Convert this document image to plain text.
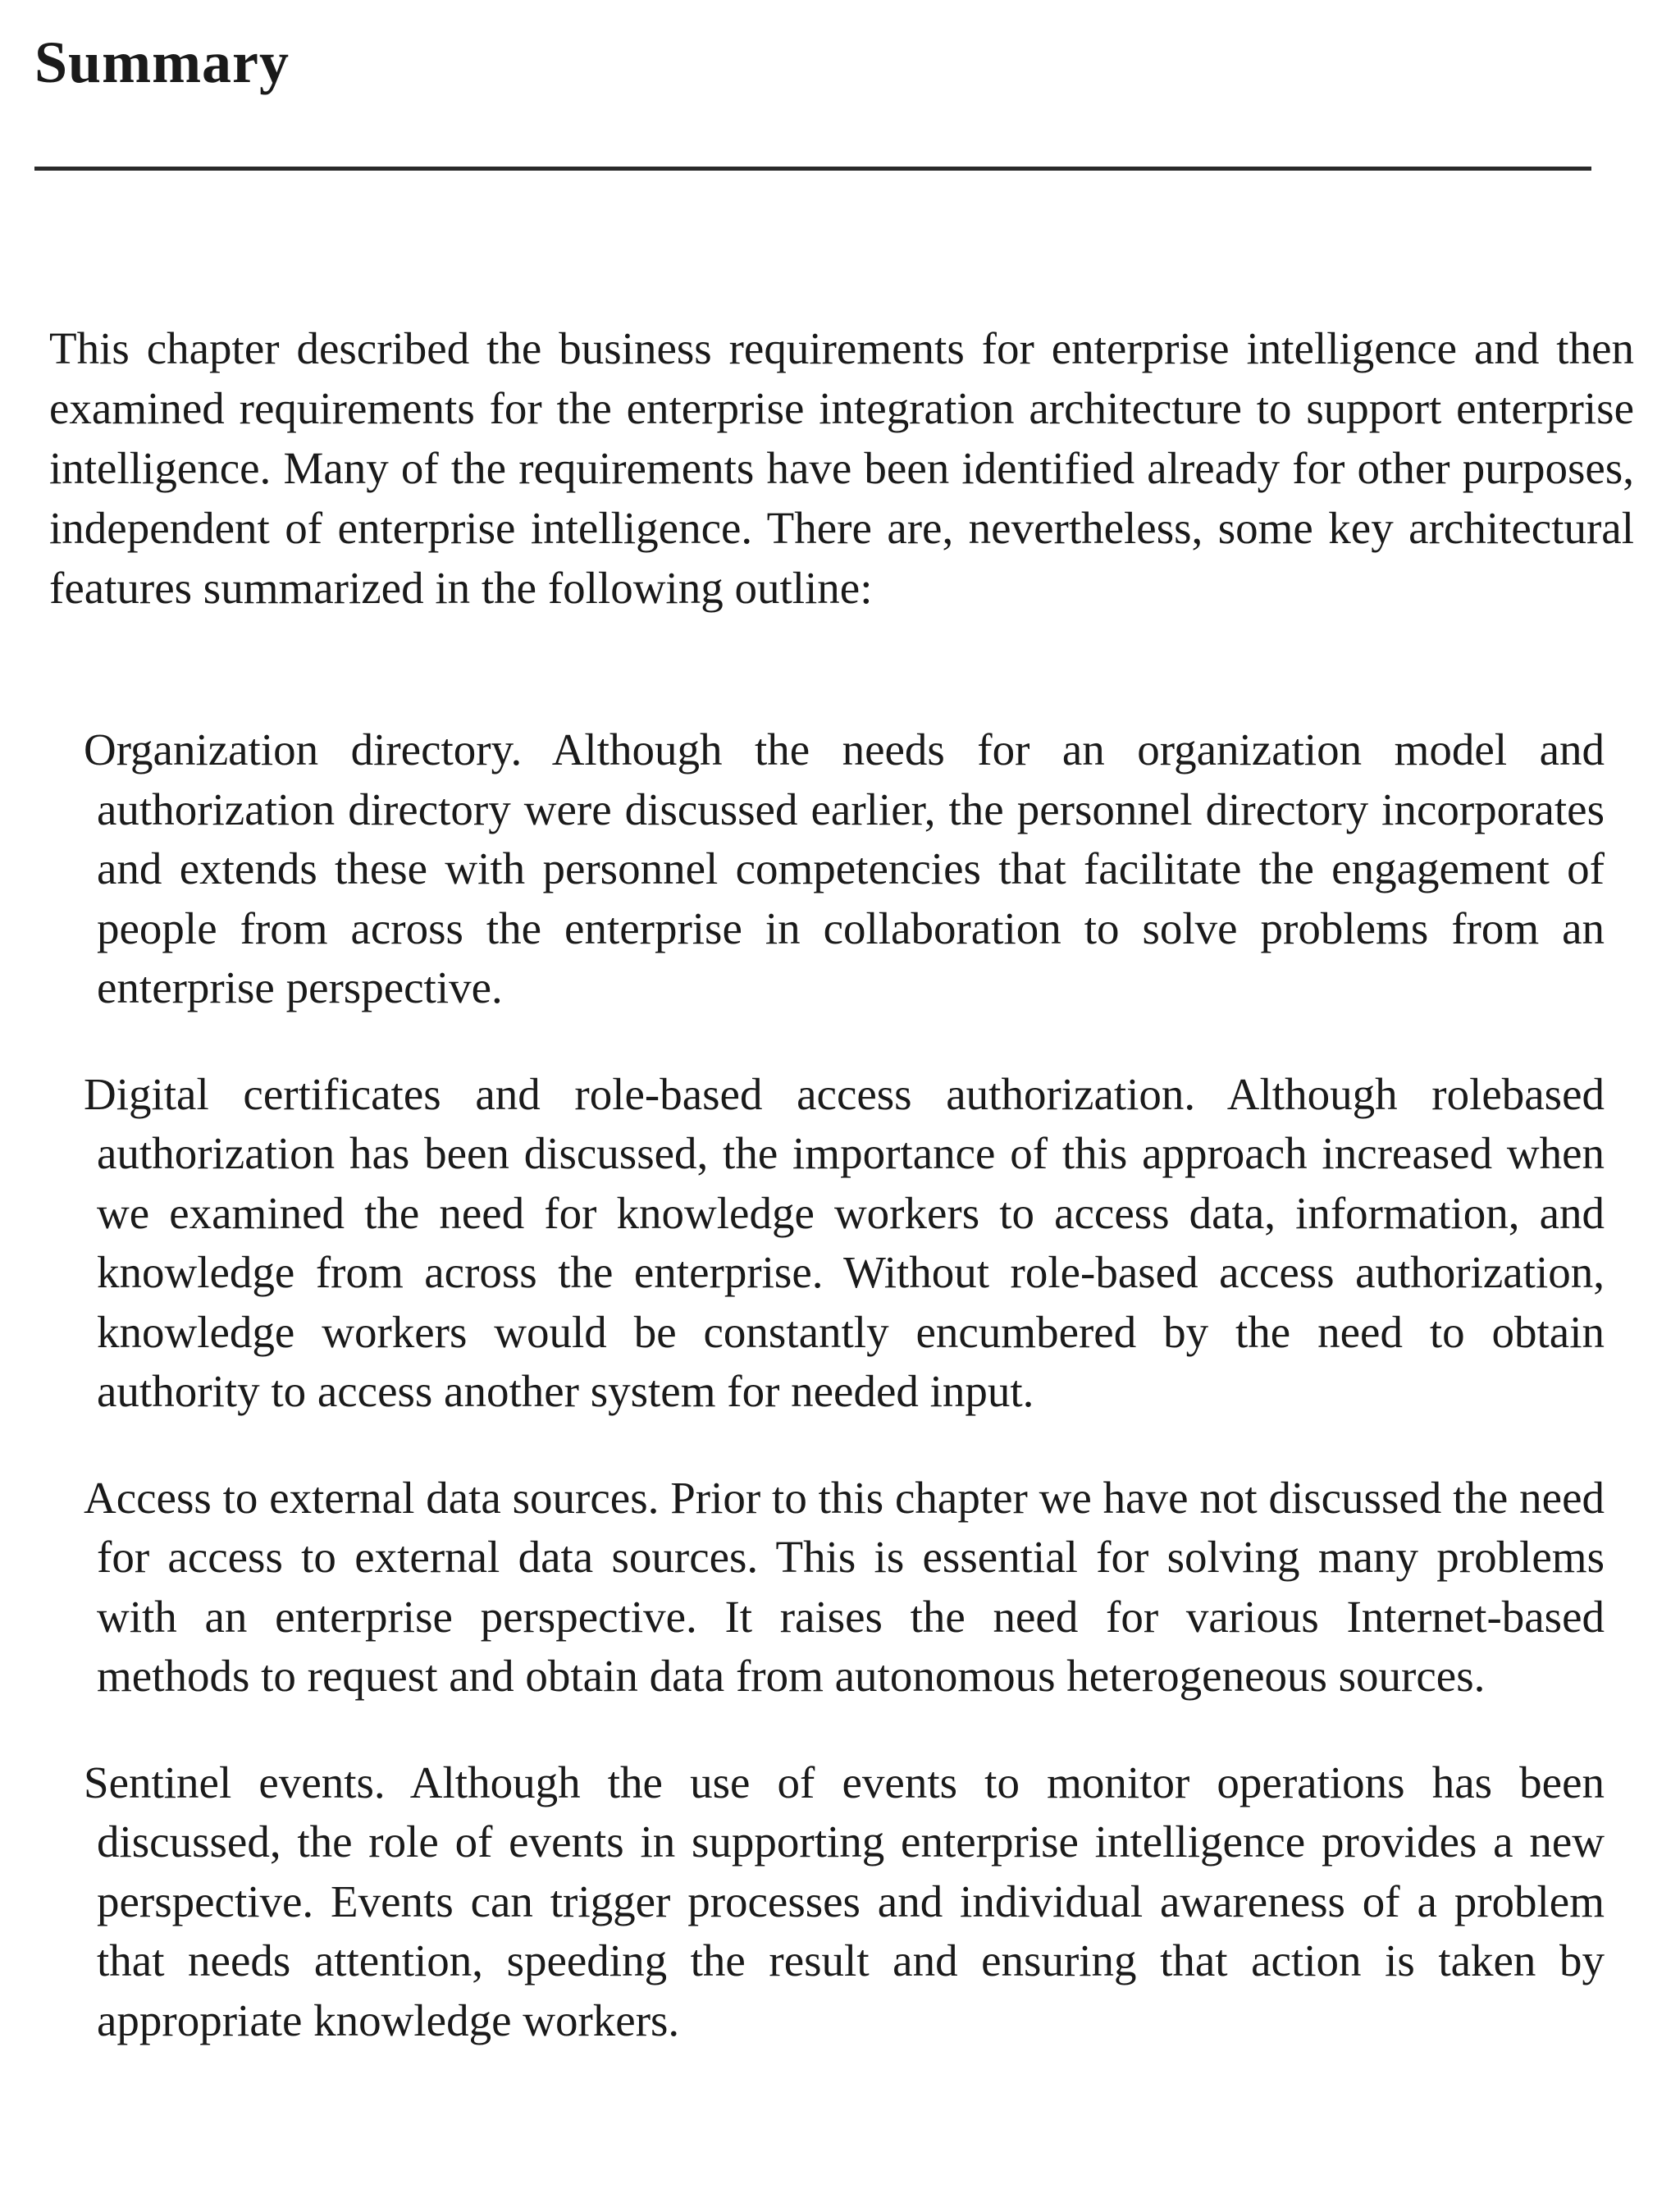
Summary

This chapter described the business requirements for enterprise intelligence and then examined requirements for the enterprise integration architecture to support enterprise intelligence. Many of the requirements have been identified already for other purposes, independent of enterprise intelligence. There are, nevertheless, some key architectural features summarized in the following outline:

Organization directory. Although the needs for an organization model and authorization directory were discussed earlier, the personnel directory incorporates and extends these with personnel competencies that facilitate the engagement of people from across the enterprise in collaboration to solve problems from an enterprise perspective.
Digital certificates and role-based access authorization. Although rolebased authorization has been discussed, the importance of this approach increased when we examined the need for knowledge workers to access data, information, and knowledge from across the enterprise. Without role-based access authorization, knowledge workers would be constantly encumbered by the need to obtain authority to access another system for needed input.
Access to external data sources. Prior to this chapter we have not discussed the need for access to external data sources. This is essential for solving many problems with an enterprise perspective. It raises the need for various Internet-based methods to request and obtain data from autonomous heterogeneous sources.
Sentinel events. Although the use of events to monitor operations has been discussed, the role of events in supporting enterprise intelligence provides a new perspective. Events can trigger processes and individual awareness of a problem that needs attention, speeding the result and ensuring that action is taken by appropriate knowledge workers.
